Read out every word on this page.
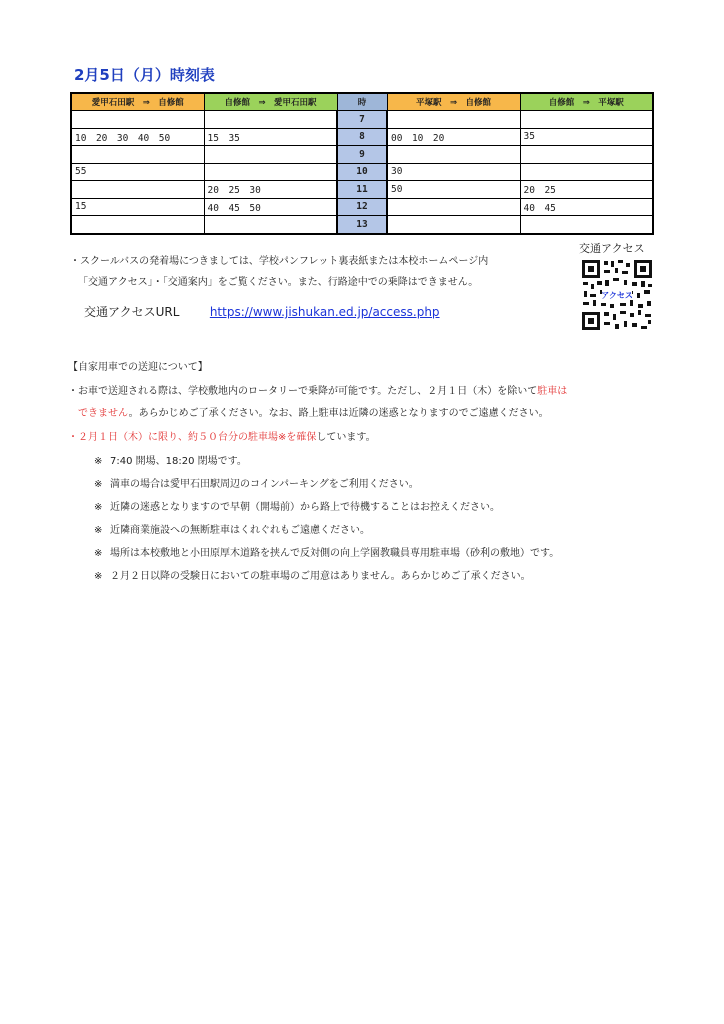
2月5日（月）時刻表
愛甲石田駅　⇒　自修館	自修館　⇒　愛甲石田駅	時	平塚駅　⇒　自修館	自修館　⇒　平塚駅
		7		
10　20　30　40　50	15　35	8	00　10　20	35
		9		
55		10	30	
	20　25　30	11	50	20　25
15	40　45　50	12		40　45
		13		
・スクールバスの発着場につきましては、学校パンフレット裏表紙または本校ホームページ内
「交通アクセス」・「交通案内」をご覧ください。また、行路途中での乗降はできません。
交通アクセス
アクセス
交通アクセスURL	https://www.jishukan.ed.jp/access.php
【自家用車での送迎について】
・お車で送迎される際は、学校敷地内のロータリーで乗降が可能です。ただし、２月１日（木）を除いて駐車は
できません。あらかじめご了承ください。なお、路上駐車は近隣の迷惑となりますのでご遠慮ください。
・２月１日（木）に限り、約５０台分の駐車場※を確保しています。
※ 7:40 開場、18:20 閉場です。
※ 満車の場合は愛甲石田駅周辺のコインパーキングをご利用ください。
※ 近隣の迷惑となりますので早朝（開場前）から路上で待機することはお控えください。
※ 近隣商業施設への無断駐車はくれぐれもご遠慮ください。
※ 場所は本校敷地と小田原厚木道路を挟んで反対側の向上学園教職員専用駐車場（砂利の敷地）です。
※ ２月２日以降の受験日においての駐車場のご用意はありません。あらかじめご了承ください。
